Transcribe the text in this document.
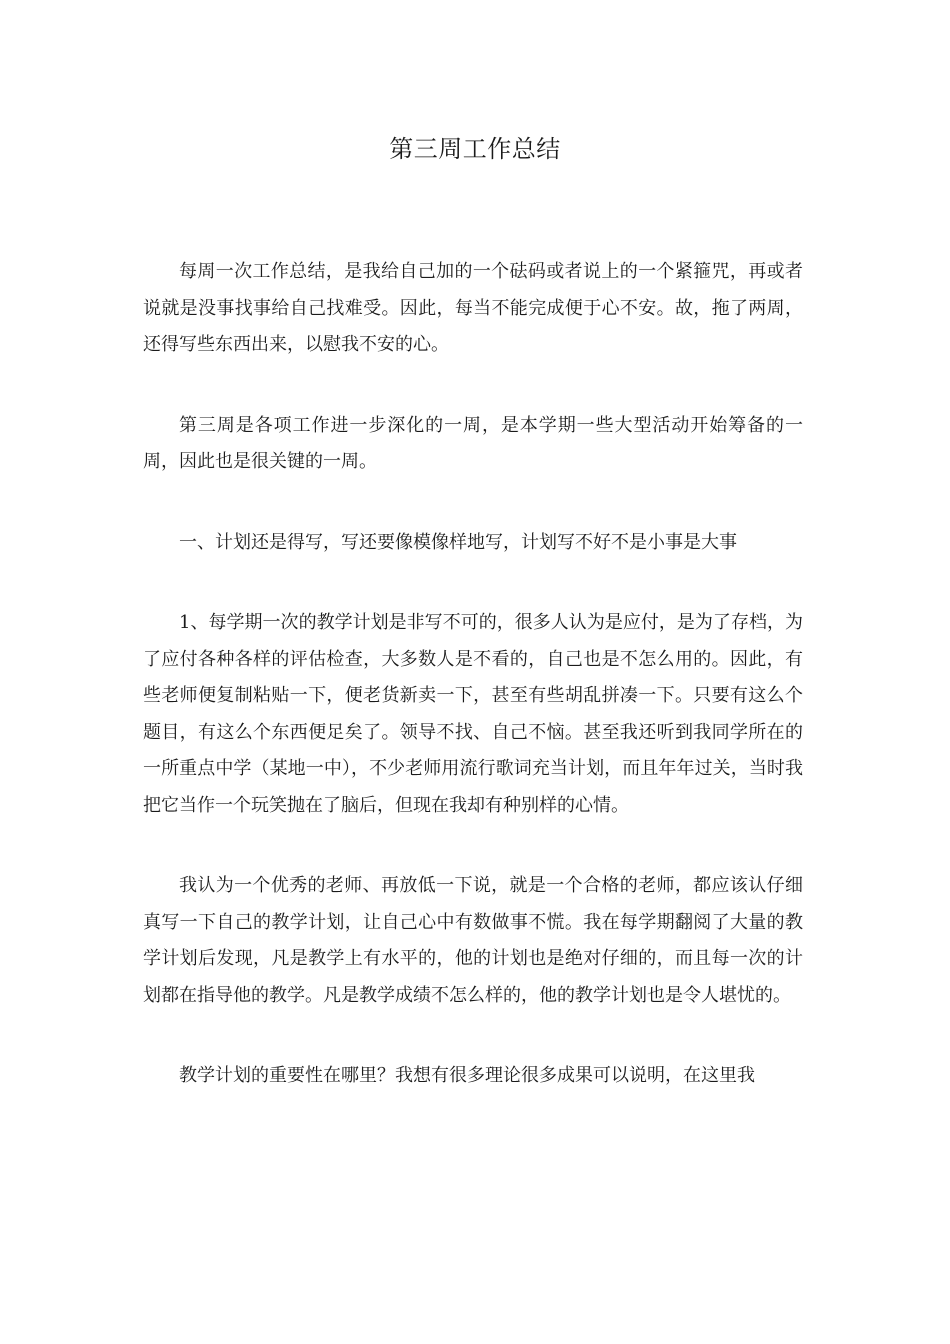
第三周工作总结

每周一次工作总结，是我给自己加的一个砝码或者说上的一个紧箍咒，再或者说就是没事找事给自己找难受。因此，每当不能完成便于心不安。故，拖了两周，还得写些东西出来，以慰我不安的心。

第三周是各项工作进一步深化的一周，是本学期一些大型活动开始筹备的一周，因此也是很关键的一周。

一、计划还是得写，写还要像模像样地写，计划写不好不是小事是大事

1、每学期一次的教学计划是非写不可的，很多人认为是应付，是为了存档，为了应付各种各样的评估检查，大多数人是不看的，自己也是不怎么用的。因此，有些老师便复制粘贴一下，便老货新卖一下，甚至有些胡乱拼凑一下。只要有这么个题目，有这么个东西便足矣了。领导不找、自己不恼。甚至我还听到我同学所在的一所重点中学（某地一中），不少老师用流行歌词充当计划，而且年年过关，当时我把它当作一个玩笑抛在了脑后，但现在我却有种别样的心情。

我认为一个优秀的老师、再放低一下说，就是一个合格的老师，都应该认仔细真写一下自己的教学计划，让自己心中有数做事不慌。我在每学期翻阅了大量的教学计划后发现，凡是教学上有水平的，他的计划也是绝对仔细的，而且每一次的计划都在指导他的教学。凡是教学成绩不怎么样的，他的教学计划也是令人堪忧的。

教学计划的重要性在哪里？我想有很多理论很多成果可以说明，在这里我
